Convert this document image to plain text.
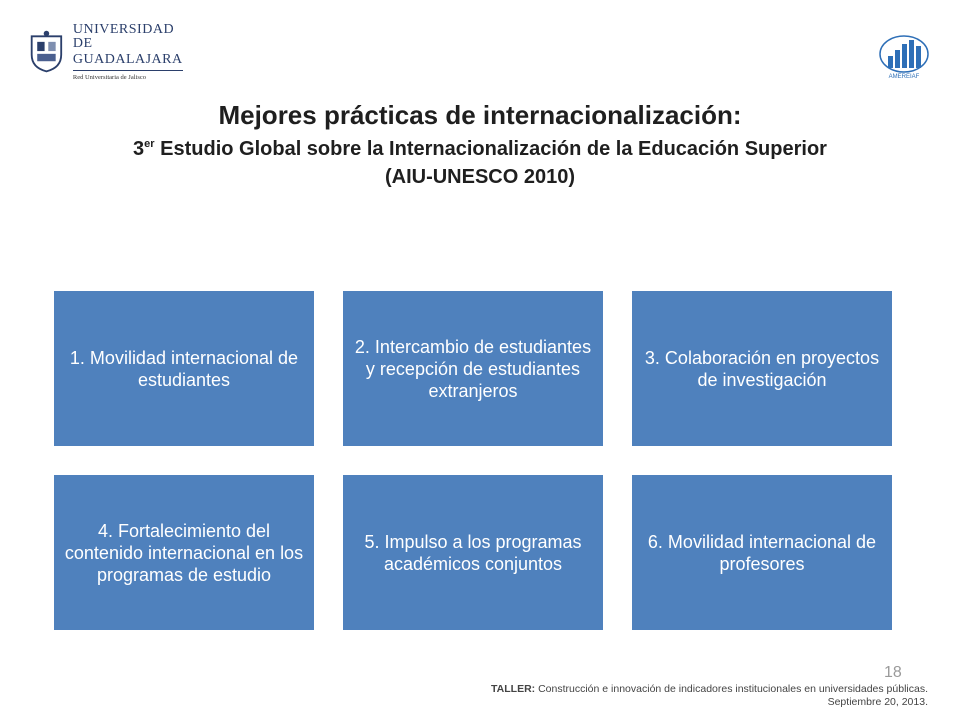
UNIVERSIDAD DE
GUADALAJARA
Red Universitaria de Jalisco	AMEREIAF
Mejores prácticas de internacionalización:
3er Estudio Global sobre la Internacionalización de la Educación Superior
(AIU-UNESCO 2010)
1. Movilidad internacional de estudiantes
2. Intercambio de estudiantes y recepción de estudiantes extranjeros
3. Colaboración en proyectos de investigación
4. Fortalecimiento del contenido internacional en los programas de estudio
5. Impulso a los programas académicos conjuntos
6. Movilidad internacional de profesores
18
TALLER: Construcción e innovación de indicadores institucionales en universidades públicas.
Septiembre 20, 2013.
